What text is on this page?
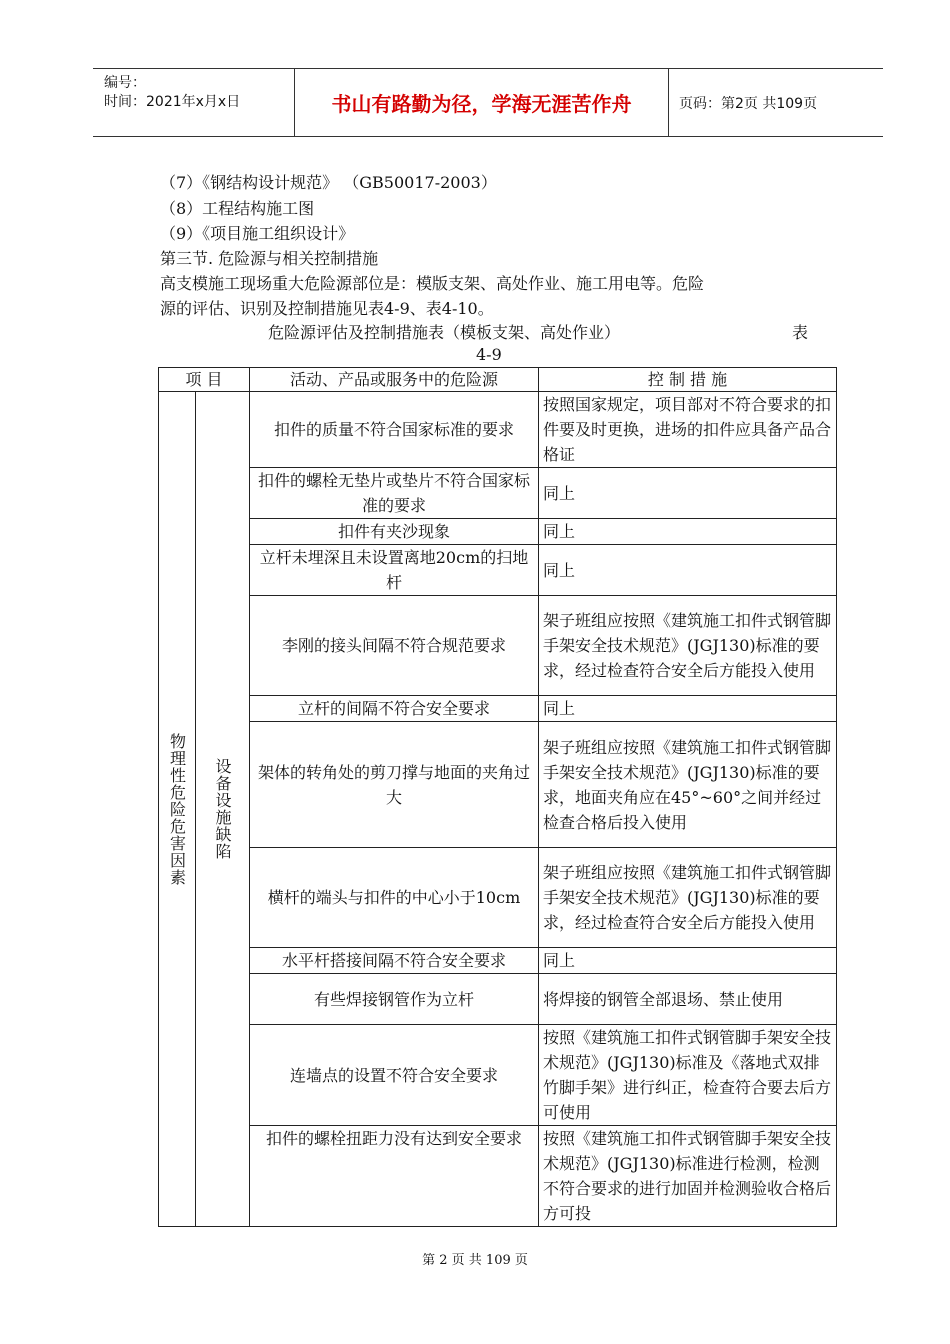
编号：
时间：2021年x月x日	书山有路勤为径，学海无涯苦作舟	页码：第2页 共109页
（7）《钢结构设计规范》 （GB50017-2003）
（8）工程结构施工图
（9）《项目施工组织设计》
第三节. 危险源与相关控制措施
高支模施工现场重大危险源部位是：模版支架、高处作业、施工用电等。危险
源的评估、识别及控制措施见表4-9、表4-10。
危险源评估及控制措施表（模板支架、高处作业）	表
4-9
项 目		活动、产品或服务中的危险源	控 制 措 施
物理性危险危害因素	设备设施缺陷	扣件的质量不符合国家标准的要求	按照国家规定，项目部对不符合要求的扣件要及时更换，进场的扣件应具备产品合格证
		扣件的螺栓无垫片或垫片不符合国家标准的要求	同上
		扣件有夹沙现象	同上
		立杆未埋深且未设置离地20cm的扫地杆	同上
		李刚的接头间隔不符合规范要求	架子班组应按照《建筑施工扣件式钢管脚手架安全技术规范》(JGJ130)标准的要求，经过检查符合安全后方能投入使用
		立杆的间隔不符合安全要求	同上
		架体的转角处的剪刀撑与地面的夹角过大	架子班组应按照《建筑施工扣件式钢管脚手架安全技术规范》(JGJ130)标准的要求，地面夹角应在45°~60°之间并经过检查合格后投入使用
		横杆的端头与扣件的中心小于10cm	架子班组应按照《建筑施工扣件式钢管脚手架安全技术规范》(JGJ130)标准的要求，经过检查符合安全后方能投入使用
		水平杆搭接间隔不符合安全要求	同上
		有些焊接钢管作为立杆	将焊接的钢管全部退场、禁止使用
		连墙点的设置不符合安全要求	按照《建筑施工扣件式钢管脚手架安全技术规范》(JGJ130)标准及《落地式双排竹脚手架》进行纠正，检查符合要去后方可使用
		扣件的螺栓扭距力没有达到安全要求	按照《建筑施工扣件式钢管脚手架安全技术规范》(JGJ130)标准进行检测，检测不符合要求的进行加固并检测验收合格后方可投
第 2 页 共 109 页
